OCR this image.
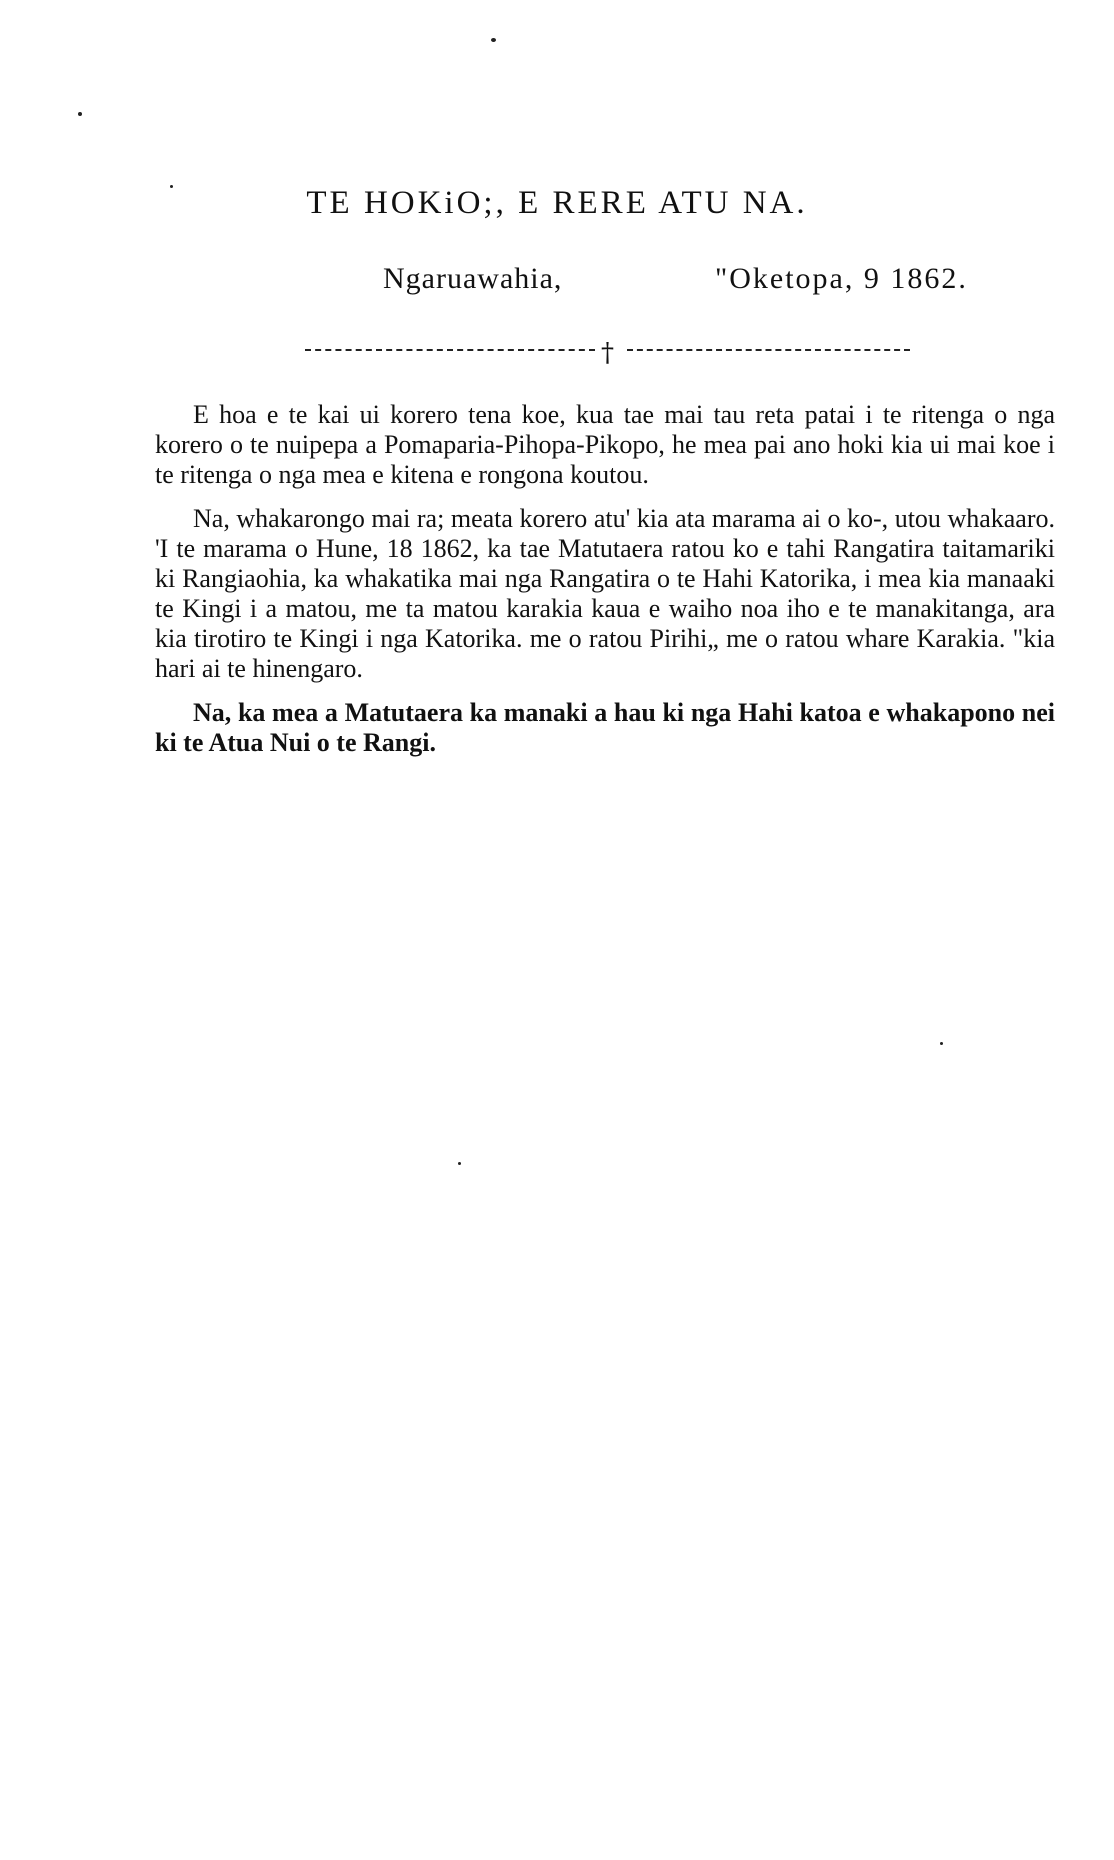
TE HOKiO;, E RERE ATU NA.
Ngaruawahia,	"Oketopa, 9 1862.
†

E hoa e te kai ui korero tena koe, kua tae mai tau reta patai i te ritenga o nga korero o te nuipepa a Pomaparia-Pihopa-Pikopo, he mea pai ano hoki kia ui mai koe i te ritenga o nga mea e kitena e rongona koutou.

Na, whakarongo mai ra; meata korero atu' kia ata marama ai o ko-, utou whakaaro. 'I te marama o Hune, 18 1862, ka tae Matutaera ratou ko e tahi Rangatira taitamariki ki Rangiaohia, ka whakatika mai nga Rangatira o te Hahi Katorika, i mea kia manaaki te Kingi i a matou, me ta matou karakia kaua e waiho noa iho e te manakitanga, ara kia tirotiro te Kingi i nga Katorika. me o ratou Pirihi„ me o ratou whare Karakia. "kia hari ai te hinengaro.

Na, ka mea a Matutaera ka manaki a hau ki nga Hahi katoa e whakapono nei ki te Atua Nui o te Rangi.
